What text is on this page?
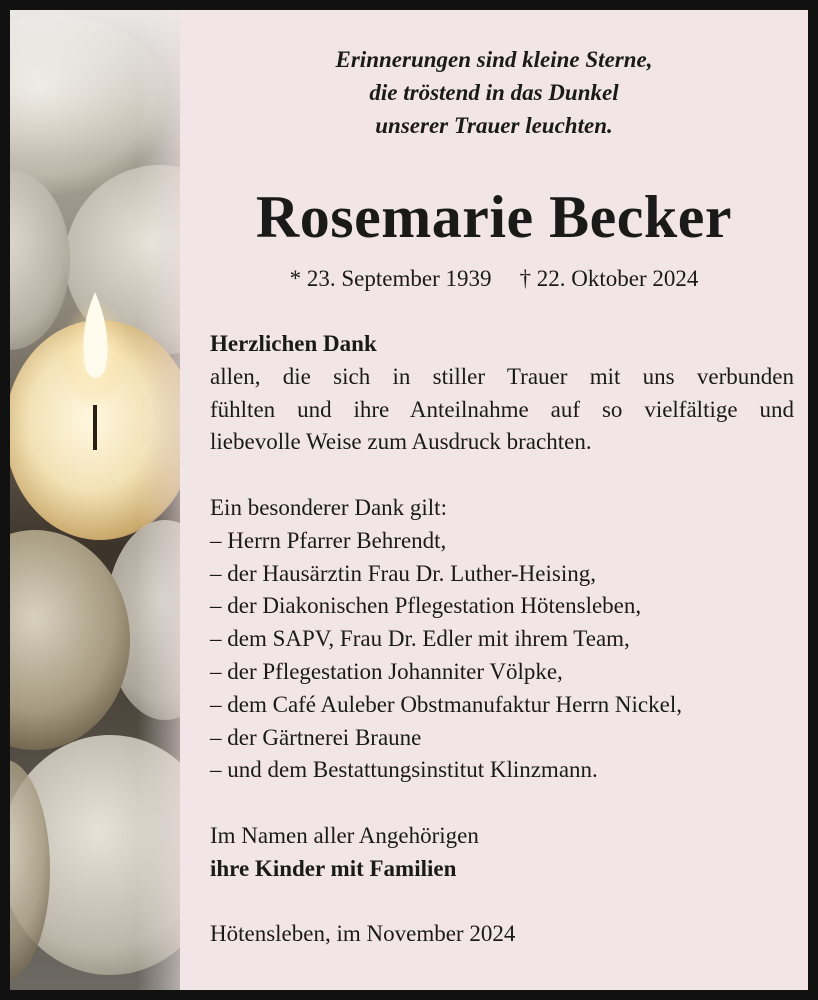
Erinnerungen sind kleine Sterne,
die tröstend in das Dunkel
unserer Trauer leuchten.
Rosemarie Becker
* 23. September 1939 † 22. Oktober 2024
Herzlichen Dank
allen, die sich in stiller Trauer mit uns verbunden
fühlten und ihre Anteilnahme auf so vielfältige und
liebevolle Weise zum Ausdruck brachten.
Ein besonderer Dank gilt:
– Herrn Pfarrer Behrendt,
– der Hausärztin Frau Dr. Luther-Heising,
– der Diakonischen Pflegestation Hötensleben,
– dem SAPV, Frau Dr. Edler mit ihrem Team,
– der Pflegestation Johanniter Völpke,
– dem Café Auleber Obstmanufaktur Herrn Nickel,
– der Gärtnerei Braune
– und dem Bestattungsinstitut Klinzmann.
Im Namen aller Angehörigen
ihre Kinder mit Familien
Hötensleben, im November 2024
